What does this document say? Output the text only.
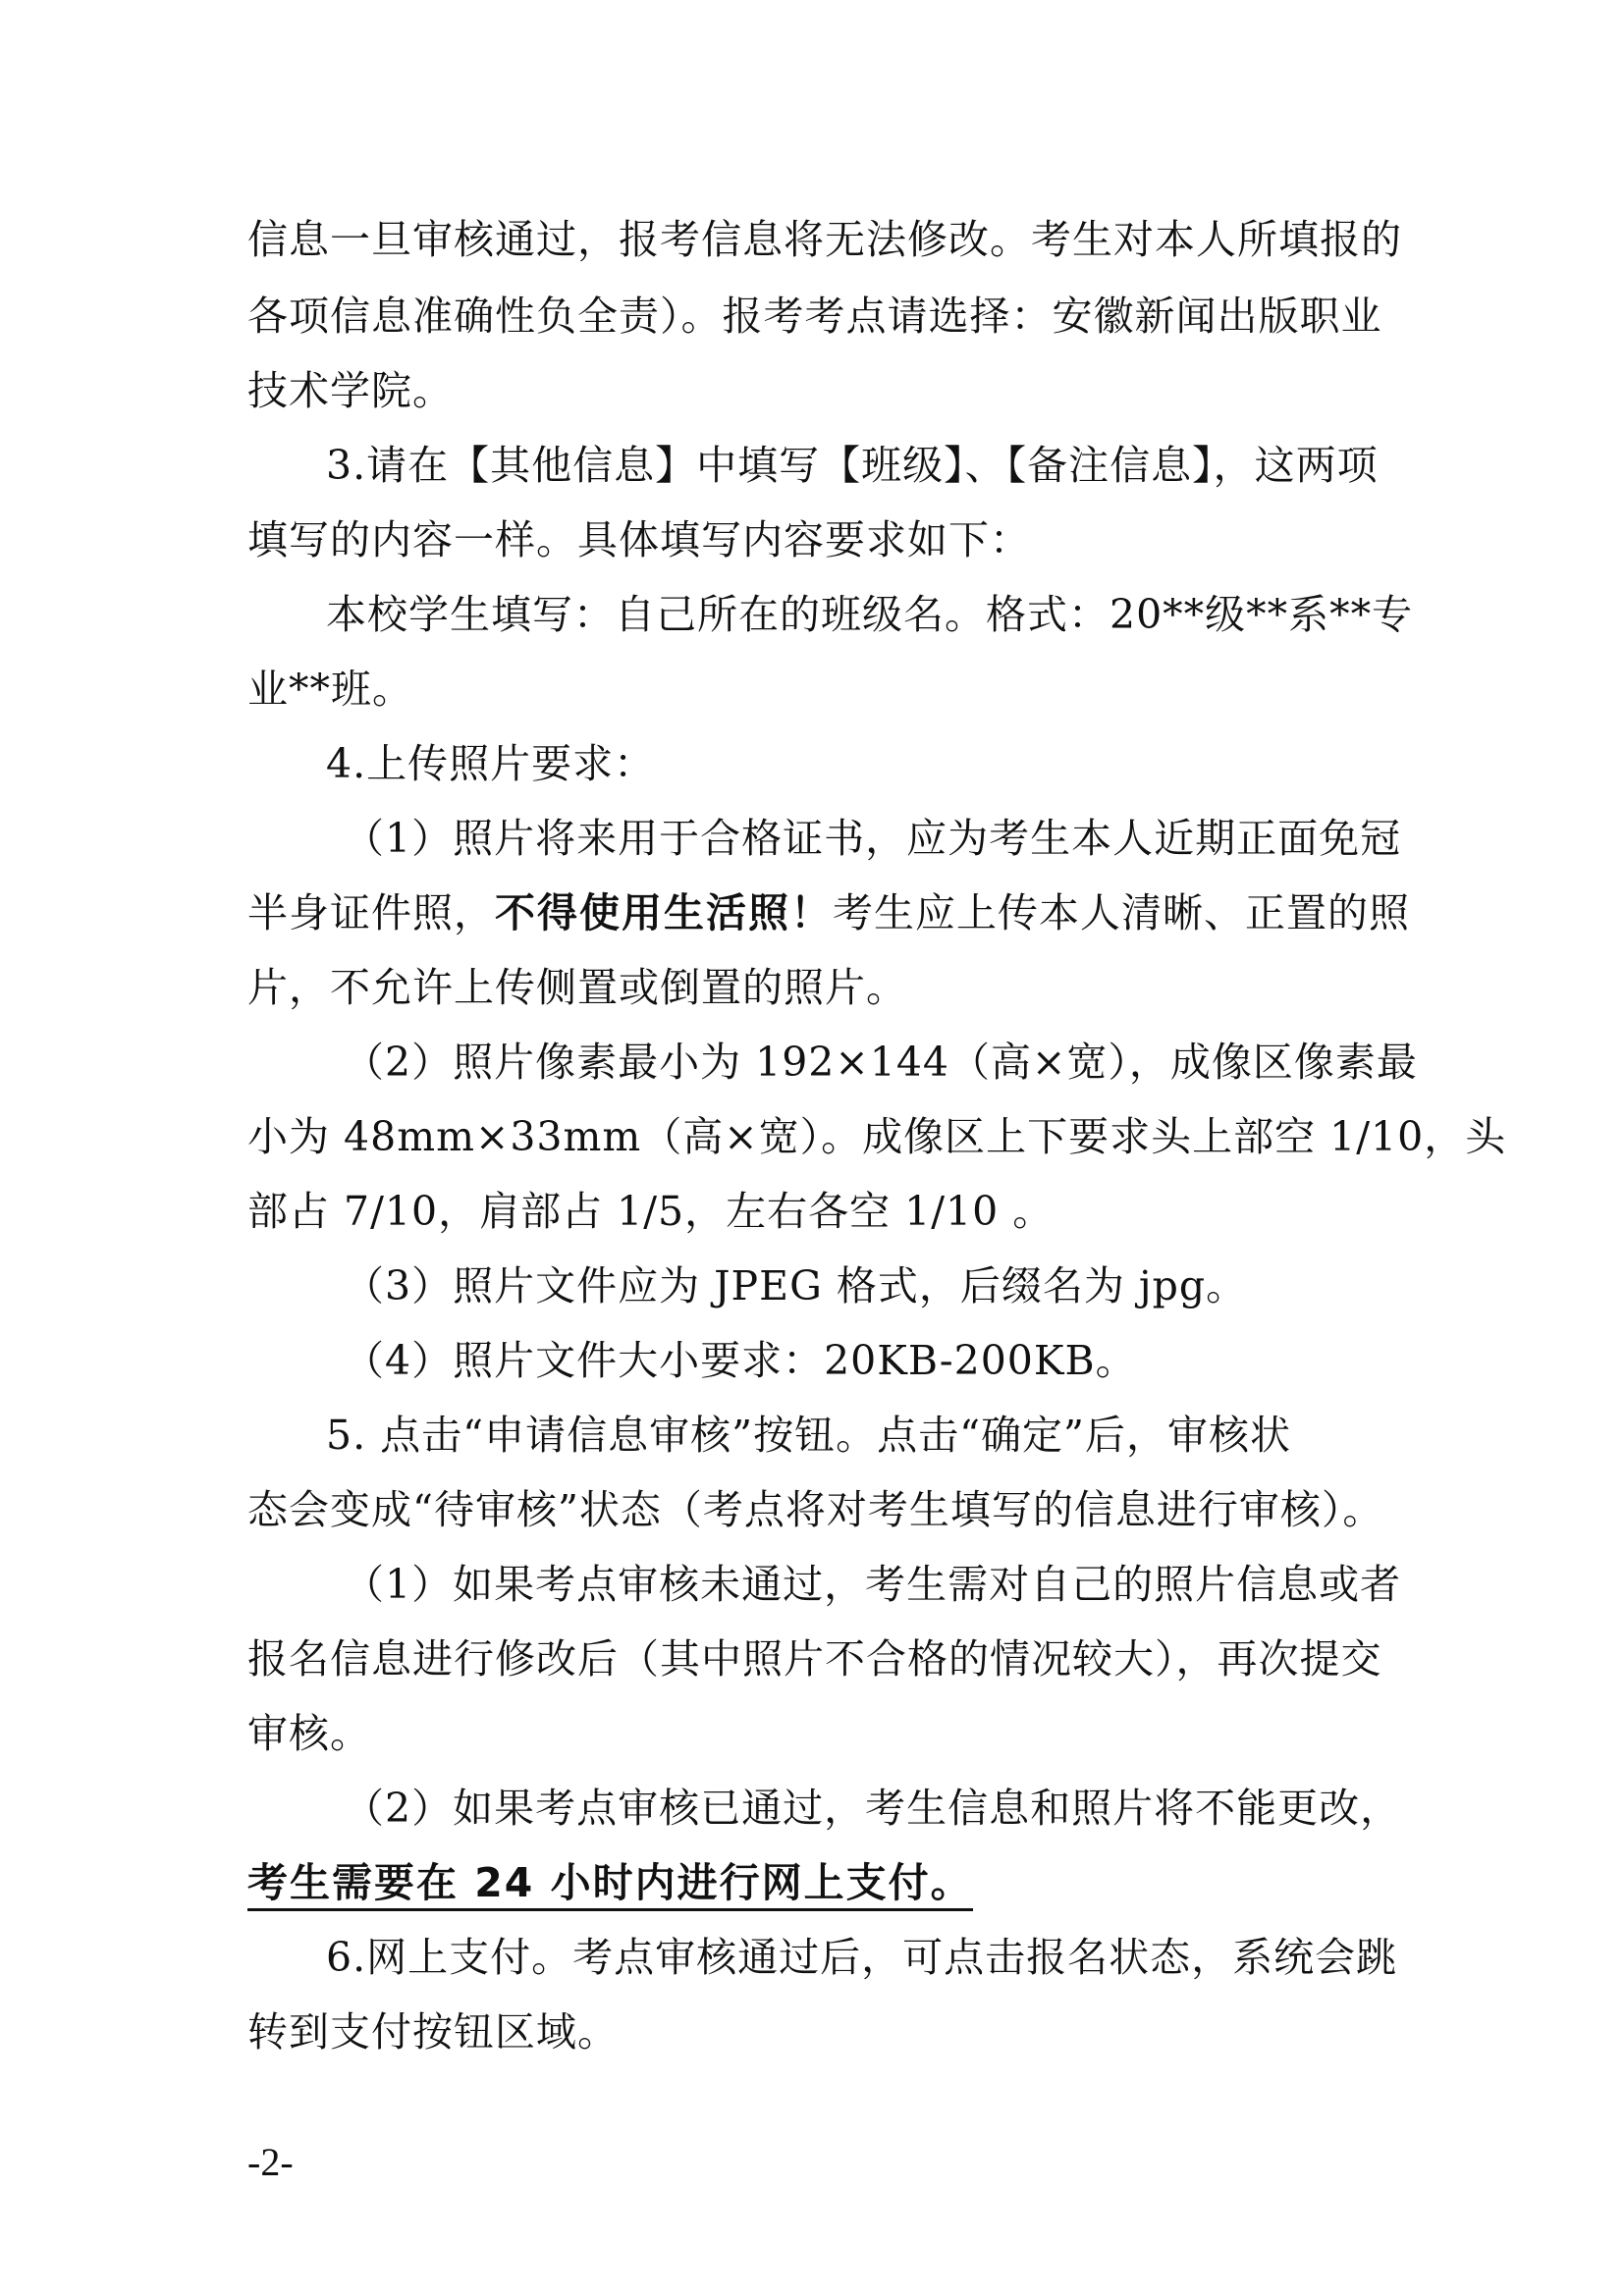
信息一旦审核通过，报考信息将无法修改。考生对本人所填报的
各项信息准确性负全责）。报考考点请选择：安徽新闻出版职业
技术学院。
3.请在【其他信息】中填写【班级】、【备注信息】，这两项
填写的内容一样。具体填写内容要求如下：
本校学生填写：自己所在的班级名。格式：20**级**系**专
业**班。
4.上传照片要求：
（1）照片将来用于合格证书，应为考生本人近期正面免冠
半身证件照，不得使用生活照！考生应上传本人清晰、正置的照
片，不允许上传侧置或倒置的照片。
（2）照片像素最小为 192×144（高×宽），成像区像素最
小为 48mm×33mm（高×宽）。成像区上下要求头上部空 1/10，头
部占 7/10，肩部占 1/5，左右各空 1/10 。
（3）照片文件应为 JPEG 格式，后缀名为 jpg。
（4）照片文件大小要求：20KB-200KB。
5. 点击“申请信息审核”按钮。点击“确定”后，审核状
态会变成“待审核”状态（考点将对考生填写的信息进行审核）。
（1）如果考点审核未通过，考生需对自己的照片信息或者
报名信息进行修改后（其中照片不合格的情况较大），再次提交
审核。
（2）如果考点审核已通过，考生信息和照片将不能更改，
考生需要在 24 小时内进行网上支付。
6.网上支付。考点审核通过后，可点击报名状态，系统会跳
转到支付按钮区域。
-2-
